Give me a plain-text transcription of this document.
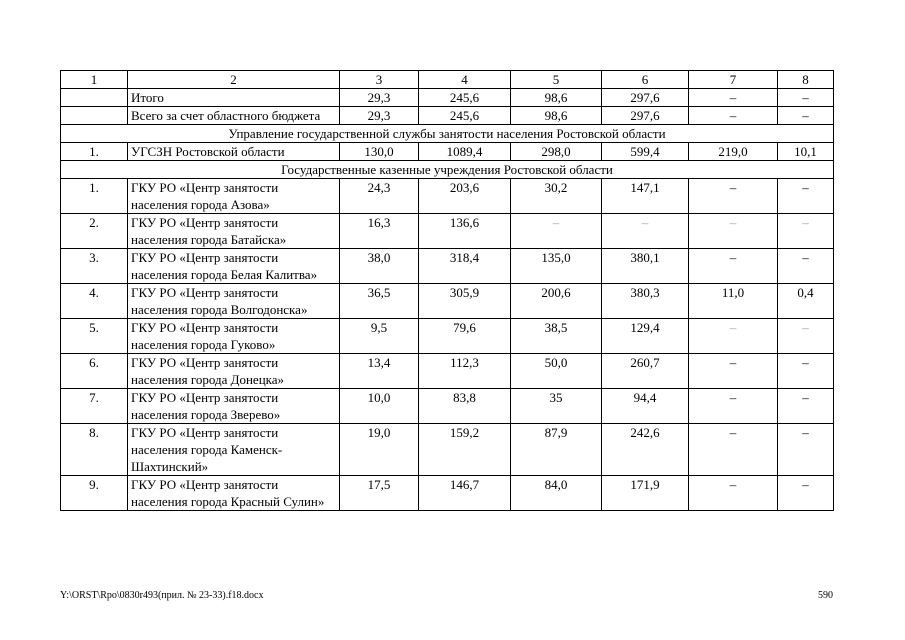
1	2	3	4	5	6	7	8
	Итого	29,3	245,6	98,6	297,6	–	–
	Всего за счет областного бюджета	29,3	245,6	98,6	297,6	–	–
Управление государственной службы занятости населения Ростовской области							
1.	УГСЗН Ростовской области	130,0	1089,4	298,0	599,4	219,0	10,1
Государственные казенные учреждения Ростовской области							
1.	ГКУ РО «Центр занятости населения города Азова»	24,3	203,6	30,2	147,1	–	–
2.	ГКУ РО «Центр занятости населения города Батайска»	16,3	136,6	–	–	–	–
3.	ГКУ РО «Центр занятости населения города Белая Калитва»	38,0	318,4	135,0	380,1	–	–
4.	ГКУ РО «Центр занятости населения города Волгодонска»	36,5	305,9	200,6	380,3	11,0	0,4
5.	ГКУ РО «Центр занятости населения города Гуково»	9,5	79,6	38,5	129,4	–	–
6.	ГКУ РО «Центр занятости населения города Донецка»	13,4	112,3	50,0	260,7	–	–
7.	ГКУ РО «Центр занятости населения города Зверево»	10,0	83,8	35	94,4	–	–
8.	ГКУ РО «Центр занятости населения города Каменск-Шахтинский»	19,0	159,2	87,9	242,6	–	–
9.	ГКУ РО «Центр занятости населения города Красный Сулин»	17,5	146,7	84,0	171,9	–	–
Y:\ORST\Rpo\0830r493(прил. № 23-33).f18.docx	590
